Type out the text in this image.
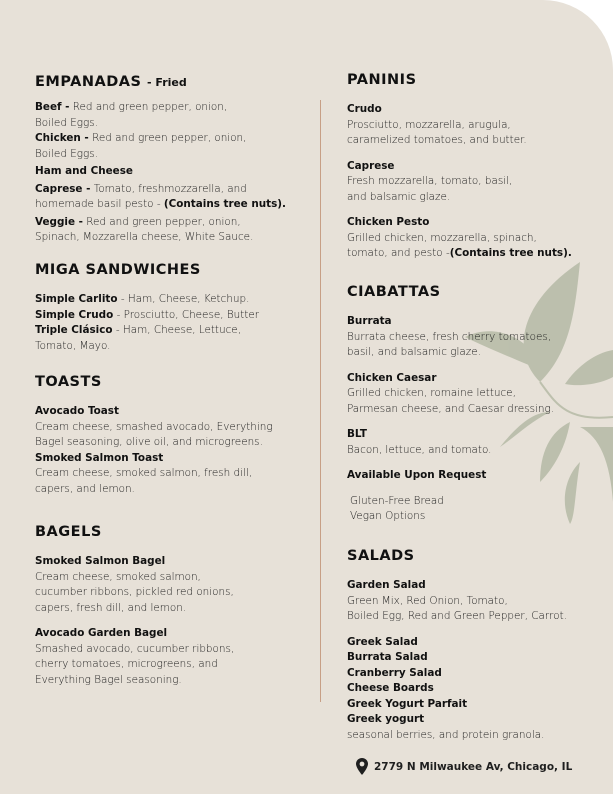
EMPANADAS - Fried
Beef - Red and green pepper, onion,
Boiled Eggs.
Chicken - Red and green pepper, onion,
Boiled Eggs.
Ham and Cheese
Caprese - Tomato, freshmozzarella, and
homemade basil pesto - (Contains tree nuts).
Veggie - Red and green pepper, onion,
Spinach, Mozzarella cheese, White Sauce.
MIGA SANDWICHES
Simple Carlito - Ham, Cheese, Ketchup.
Simple Crudo - Prosciutto, Cheese, Butter
Triple Clásico - Ham, Cheese, Lettuce,
Tomato, Mayo.
TOASTS
Avocado Toast
Cream cheese, smashed avocado, Everything
Bagel seasoning, olive oil, and microgreens.
Smoked Salmon Toast
Cream cheese, smoked salmon, fresh dill,
capers, and lemon.
BAGELS
Smoked Salmon Bagel
Cream cheese, smoked salmon,
cucumber ribbons, pickled red onions,
capers, fresh dill, and lemon.
Avocado Garden Bagel
Smashed avocado, cucumber ribbons,
cherry tomatoes, microgreens, and
Everything Bagel seasoning.
PANINIS
Crudo
Prosciutto, mozzarella, arugula,
caramelized tomatoes, and butter.
Caprese
Fresh mozzarella, tomato, basil,
and balsamic glaze.
Chicken Pesto
Grilled chicken, mozzarella, spinach,
tomato, and pesto -(Contains tree nuts).
CIABATTAS
Burrata
Burrata cheese, fresh cherry tomatoes,
basil, and balsamic glaze.
Chicken Caesar
Grilled chicken, romaine lettuce,
Parmesan cheese, and Caesar dressing.
BLT
Bacon, lettuce, and tomato.
Available Upon Request
Gluten-Free Bread
Vegan Options
SALADS
Garden Salad
Green Mix, Red Onion, Tomato,
Boiled Egg, Red and Green Pepper, Carrot.
Greek Salad
Burrata Salad
Cranberry Salad
Cheese Boards
Greek Yogurt Parfait
Greek yogurt
seasonal berries, and protein granola.
2779 N Milwaukee Av, Chicago, IL
